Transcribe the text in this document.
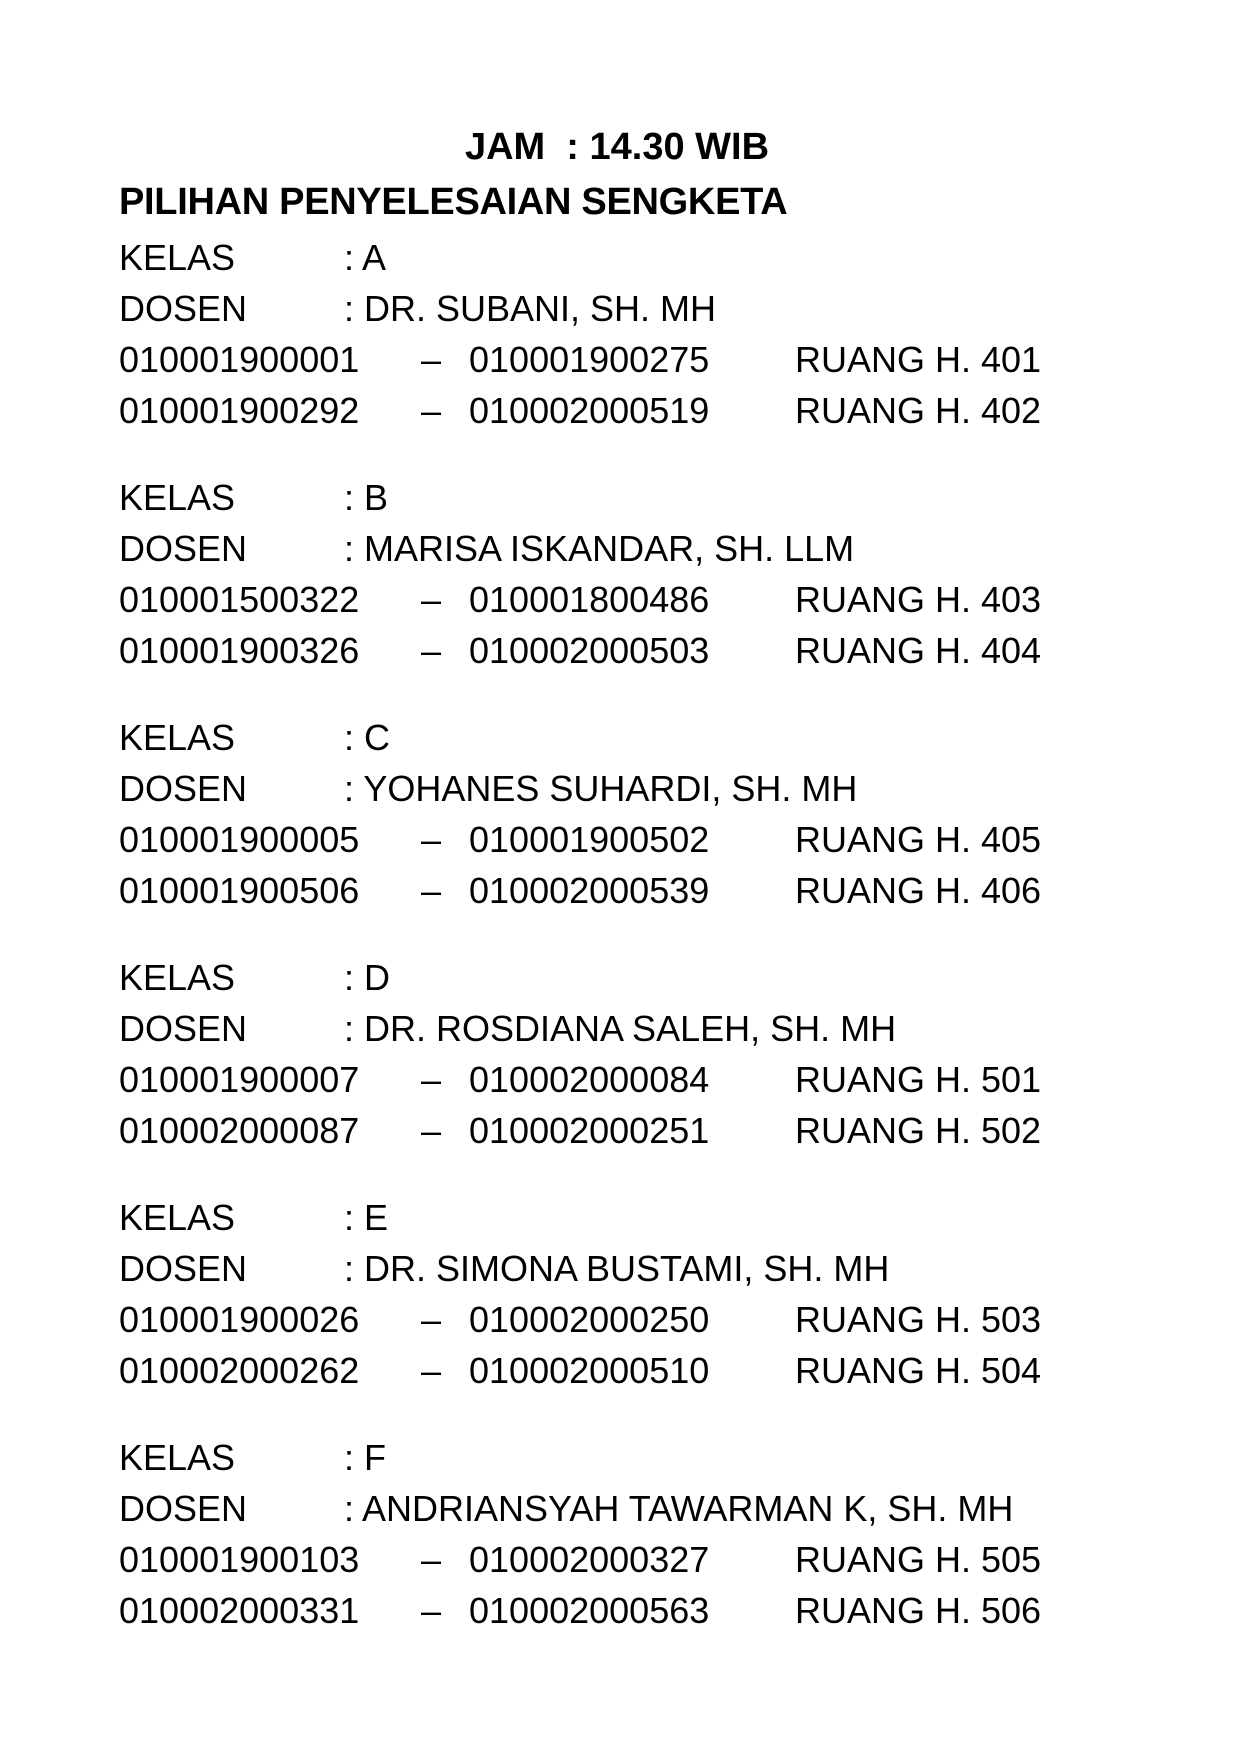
JAM  : 14.30 WIB
PILIHAN PENYELESAIAN SENGKETA
KELAS	: A
DOSEN	: DR. SUBANI, SH. MH
010001900001 – 010001900275 RUANG H. 401
010001900292 – 010002000519 RUANG H. 402
KELAS	: B
DOSEN	: MARISA ISKANDAR, SH. LLM
010001500322 – 010001800486 RUANG H. 403
010001900326 – 010002000503 RUANG H. 404
KELAS	: C
DOSEN	: YOHANES SUHARDI, SH. MH
010001900005 – 010001900502 RUANG H. 405
010001900506 – 010002000539 RUANG H. 406
KELAS	: D
DOSEN	: DR. ROSDIANA SALEH, SH. MH
010001900007 – 010002000084 RUANG H. 501
010002000087 – 010002000251 RUANG H. 502
KELAS	: E
DOSEN	: DR. SIMONA BUSTAMI, SH. MH
010001900026 – 010002000250 RUANG H. 503
010002000262 – 010002000510 RUANG H. 504
KELAS	: F
DOSEN	: ANDRIANSYAH TAWARMAN K, SH. MH
010001900103 – 010002000327 RUANG H. 505
010002000331 – 010002000563 RUANG H. 506
